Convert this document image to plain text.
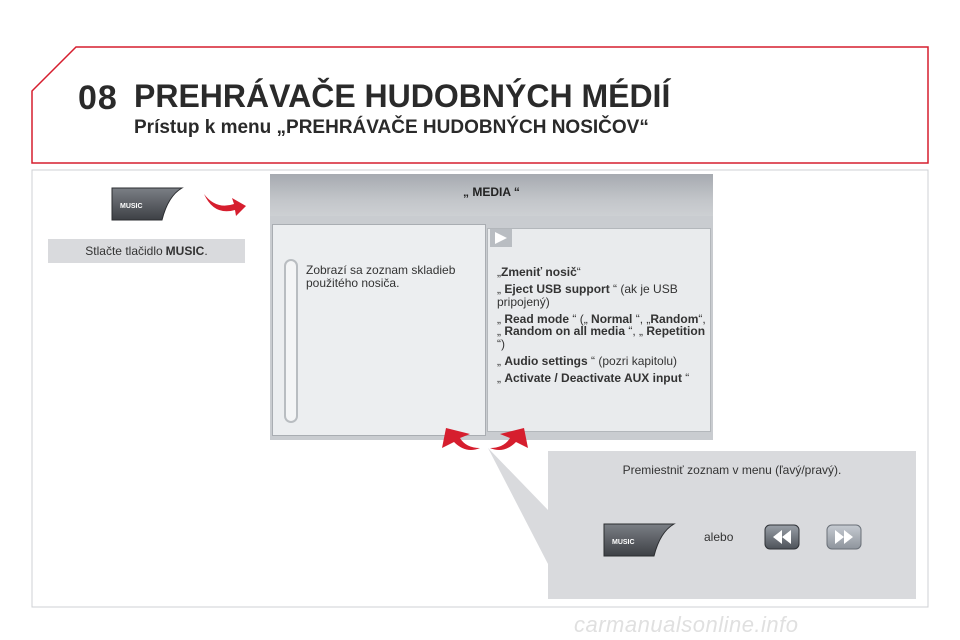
08 PREHRÁVAČE HUDOBNÝCH MÉDIÍ
Prístup k menu „PREHRÁVAČE HUDOBNÝCH NOSIČOV“
MUSIC
Stlačte tlačidlo MUSIC .
„ MEDIA “
Zobrazí sa zoznam skladieb použitého nosiča.
„Zmeniť nosič“
„ Eject USB support “ (ak je USB pripojený)
„ Read mode “ („ Normal “, „Random“, „ Random on all media “, „ Repetition “)
„ Audio settings “ (pozri kapitolu)
„ Activate / Deactivate AUX input “
Premiestniť zoznam v menu (ľavý/pravý).
alebo
MUSIC
carmanualsonline.info
